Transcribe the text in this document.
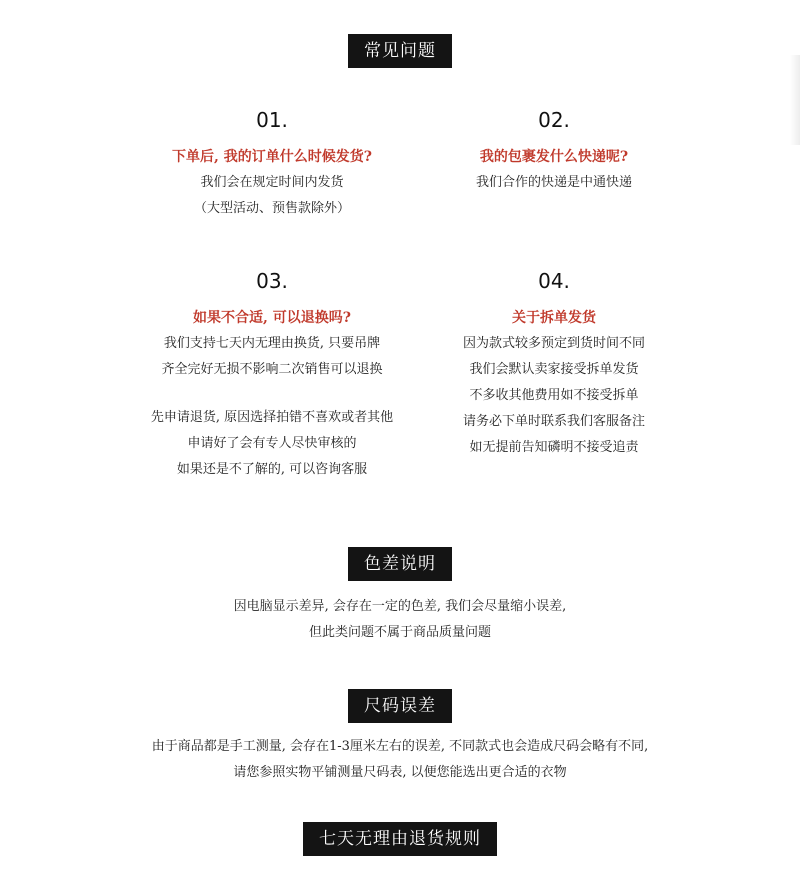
常见问题
01.
下单后, 我的订单什么时候发货?
我们会在规定时间内发货
（大型活动、预售款除外）
02.
我的包裹发什么快递呢?
我们合作的快递是中通快递
03.
如果不合适, 可以退换吗?
我们支持七天内无理由换货, 只要吊牌
齐全完好无损不影响二次销售可以退换
先申请退货, 原因选择拍错不喜欢或者其他
申请好了会有专人尽快审核的
如果还是不了解的, 可以咨询客服
04.
关于拆单发货
因为款式较多预定到货时间不同
我们会默认卖家接受拆单发货
不多收其他费用如不接受拆单
请务必下单时联系我们客服备注
如无提前告知磷明不接受追责
色差说明
因电脑显示差异, 会存在一定的色差, 我们会尽量缩小误差,
但此类问题不属于商品质量问题
尺码误差
由于商品都是手工测量, 会存在1-3厘米左右的误差, 不同款式也会造成尺码会略有不同,
请您参照实物平铺测量尺码表, 以便您能选出更合适的衣物
七天无理由退货规则
